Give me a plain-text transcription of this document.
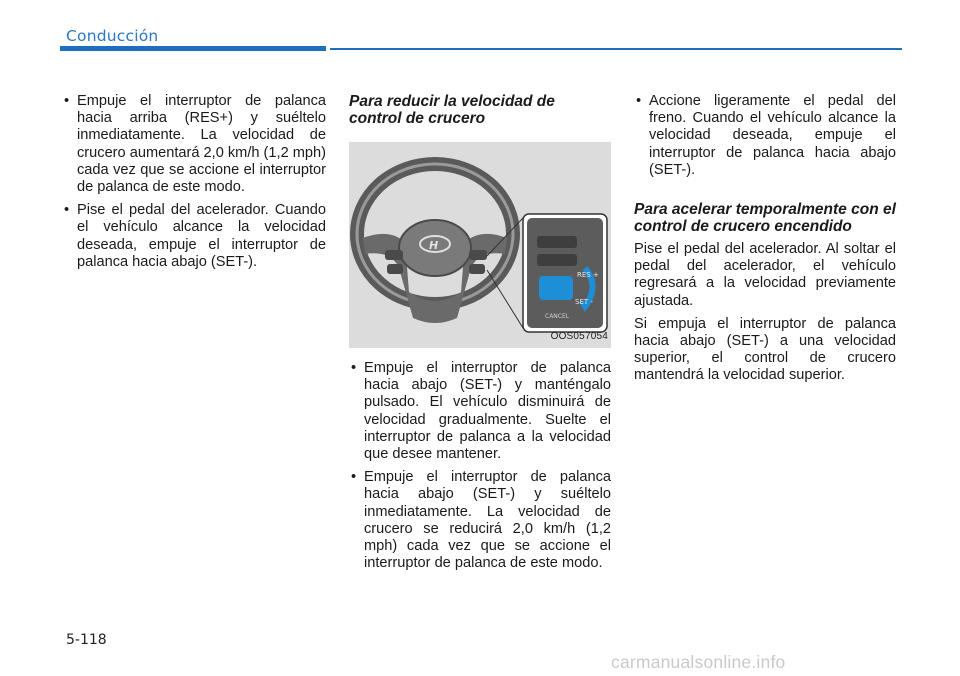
Conducción
• Empuje el interruptor de palanca hacia arriba (RES+) y suéltelo inmediatamente. La velocidad de crucero aumentará 2,0 km/h (1,2 mph) cada vez que se accione el interruptor de palanca de este modo.
• Pise el pedal del acelerador. Cuando el vehículo alcance la velocidad deseada, empuje el interruptor de palanca hacia abajo (SET-).
Para reducir la velocidad de control de crucero
H
RES +
SET -
CANCEL
OOS057054
• Empuje el interruptor de palanca hacia abajo (SET-) y manténgalo pulsado. El vehículo disminuirá de velocidad gradualmente. Suelte el interruptor de palanca a la velocidad que desee mantener.
• Empuje el interruptor de palanca hacia abajo (SET-) y suéltelo inmediatamente. La velocidad de crucero se reducirá 2,0 km/h (1,2 mph) cada vez que se accione el interruptor de palanca de este modo.
• Accione ligeramente el pedal del freno. Cuando el vehículo alcance la velocidad deseada, empuje el interruptor de palanca hacia abajo (SET-).
Para acelerar temporalmente con el control de crucero encendido

Pise el pedal del acelerador. Al soltar el pedal del acelerador, el vehículo regresará a la velocidad previamente ajustada.

Si empuja el interruptor de palanca hacia abajo (SET-) a una velocidad superior, el control de crucero mantendrá la velocidad superior.

5-118
carmanualsonline.info
